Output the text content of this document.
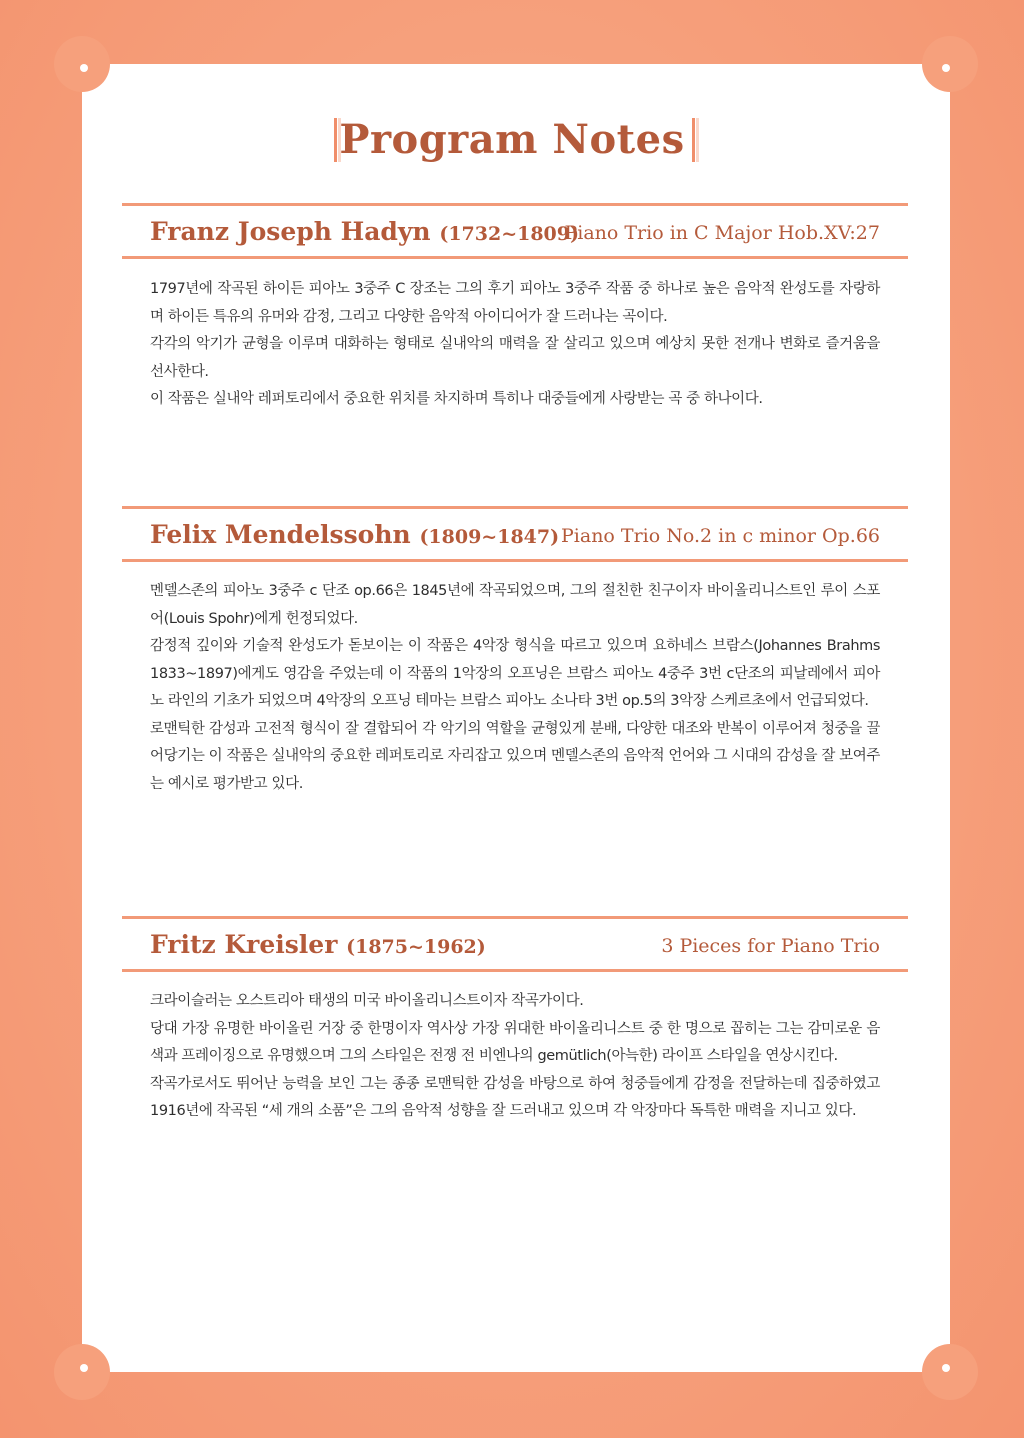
Program Notes
Franz Joseph Hadyn (1732~1809)
Piano Trio in C Major Hob.XV:27

1797년에 작곡된 하이든 피아노 3중주 C 장조는 그의 후기 피아노 3중주 작품 중 하나로 높은 음악적 완성도를 자랑하며 하이든 특유의 유머와 감정, 그리고 다양한 음악적 아이디어가 잘 드러나는 곡이다.

각각의 악기가 균형을 이루며 대화하는 형태로 실내악의 매력을 잘 살리고 있으며 예상치 못한 전개나 변화로 즐거움을 선사한다.

이 작품은 실내악 레퍼토리에서 중요한 위치를 차지하며 특히나 대중들에게 사랑받는 곡 중 하나이다.

Felix Mendelssohn (1809~1847) Piano Trio No.2 in c minor Op.66

멘델스존의 피아노 3중주 c 단조 op.66은 1845년에 작곡되었으며, 그의 절친한 친구이자 바이올리니스트인 루이 스포어(Louis Spohr)에게 헌정되었다.

감정적 깊이와 기술적 완성도가 돋보이는 이 작품은 4악장 형식을 따르고 있으며 요하네스 브람스(Johannes Brahms 1833~1897)에게도 영감을 주었는데 이 작품의 1악장의 오프닝은 브람스 피아노 4중주 3번 c단조의 피날레에서 피아노 라인의 기초가 되었으며 4악장의 오프닝 테마는 브람스 피아노 소나타 3번 op.5의 3악장 스케르초에서 언급되었다.

로맨틱한 감성과 고전적 형식이 잘 결합되어 각 악기의 역할을 균형있게 분배, 다양한 대조와 반복이 이루어져 청중을 끌어당기는 이 작품은 실내악의 중요한 레퍼토리로 자리잡고 있으며 멘델스존의 음악적 언어와 그 시대의 감성을 잘 보여주는 예시로 평가받고 있다.

Fritz Kreisler (1875~1962)	3 Pieces for Piano Trio

크라이슬러는 오스트리아 태생의 미국 바이올리니스트이자 작곡가이다.

당대 가장 유명한 바이올린 거장 중 한명이자 역사상 가장 위대한 바이올리니스트 중 한 명으로 꼽히는 그는 감미로운 음색과 프레이징으로 유명했으며 그의 스타일은 전쟁 전 비엔나의 gemütlich(아늑한) 라이프 스타일을 연상시킨다.

작곡가로서도 뛰어난 능력을 보인 그는 종종 로맨틱한 감성을 바탕으로 하여 청중들에게 감정을 전달하는데 집중하였고 1916년에 작곡된 “세 개의 소품”은 그의 음악적 성향을 잘 드러내고 있으며 각 악장마다 독특한 매력을 지니고 있다.
